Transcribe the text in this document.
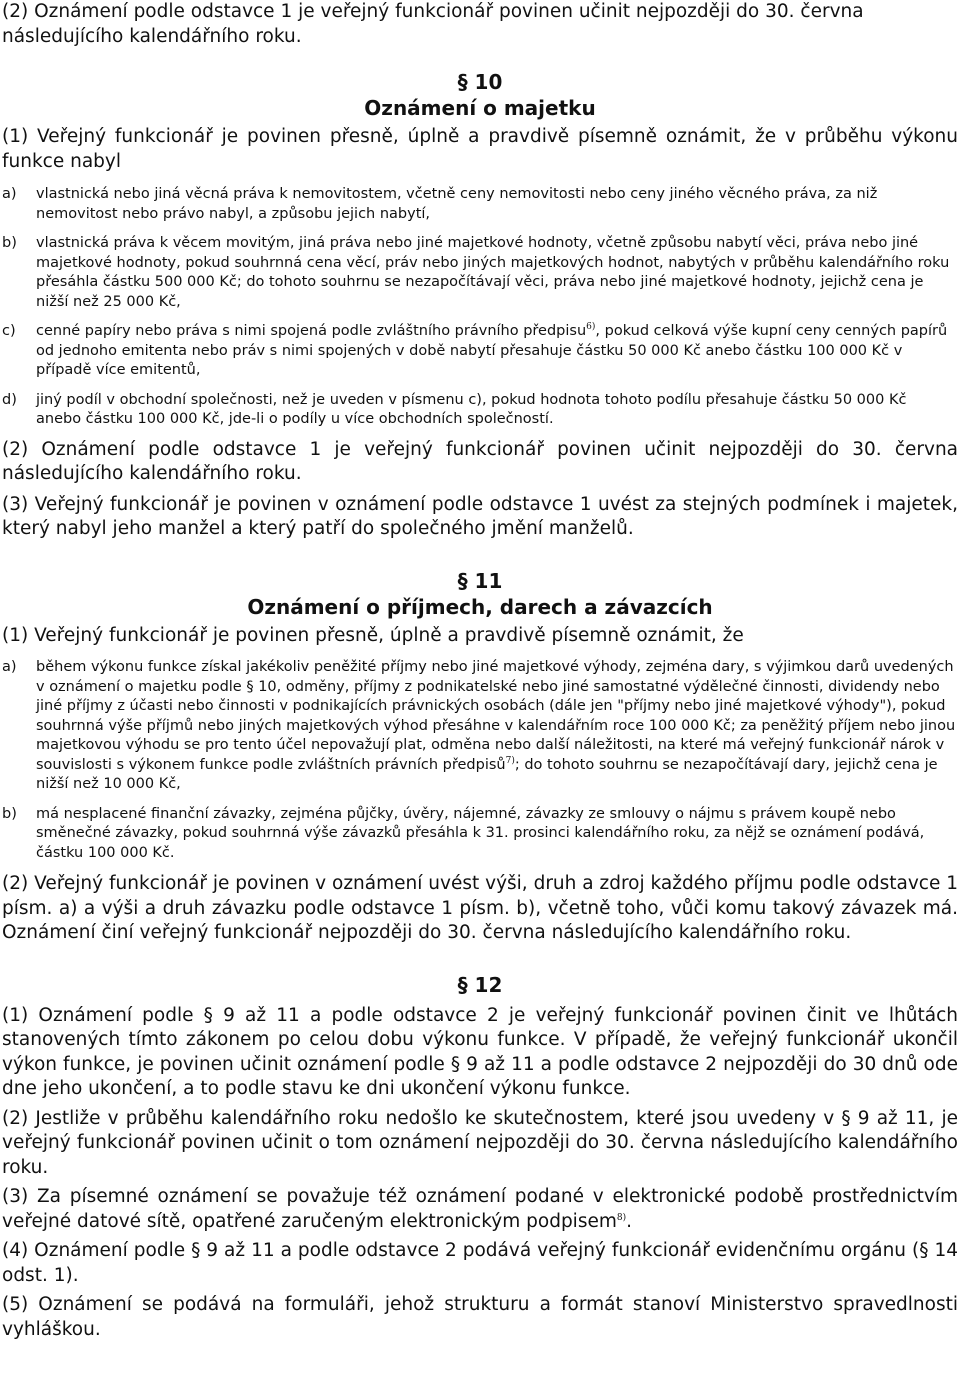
(2) Oznámení podle odstavce 1 je veřejný funkcionář povinen učinit nejpozději do 30. června
následujícího kalendářního roku.

§ 10

Oznámení o majetku

(1) Veřejný funkcionář je povinen přesně, úplně a pravdivě písemně oznámit, že v průběhu výkonu funkce nabyl

a)	vlastnická nebo jiná věcná práva k nemovitostem, včetně ceny nemovitosti nebo ceny jiného věcného práva, za niž nemovitost nebo právo nabyl, a způsobu jejich nabytí,
b)	vlastnická práva k věcem movitým, jiná práva nebo jiné majetkové hodnoty, včetně způsobu nabytí věci, práva nebo jiné majetkové hodnoty, pokud souhrnná cena věcí, práv nebo jiných majetkových hodnot, nabytých v průběhu kalendářního roku přesáhla částku 500 000 Kč; do tohoto souhrnu se nezapočítávají věci, práva nebo jiné majetkové hodnoty, jejichž cena je nižší než 25 000 Kč,
c)	cenné papíry nebo práva s nimi spojená podle zvláštního právního předpisu$^{6)}$, pokud celková výše kupní ceny cenných papírů od jednoho emitenta nebo práv s nimi spojených v době nabytí přesahuje částku 50 000 Kč anebo částku 100 000 Kč v případě více emitentů,
d)	jiný podíl v obchodní společnosti, než je uveden v písmenu c), pokud hodnota tohoto podílu přesahuje částku 50 000 Kč anebo částku 100 000 Kč, jde-li o podíly u více obchodních společností.

(2) Oznámení podle odstavce 1 je veřejný funkcionář povinen učinit nejpozději do 30. června následujícího kalendářního roku.

(3) Veřejný funkcionář je povinen v oznámení podle odstavce 1 uvést za stejných podmínek i majetek, který nabyl jeho manžel a který patří do společného jmění manželů.

§ 11

Oznámení o příjmech, darech a závazcích

(1) Veřejný funkcionář je povinen přesně, úplně a pravdivě písemně oznámit, že

a)	během výkonu funkce získal jakékoliv peněžité příjmy nebo jiné majetkové výhody, zejména dary, s výjimkou darů uvedených v oznámení o majetku podle § 10, odměny, příjmy z podnikatelské nebo jiné samostatné výdělečné činnosti, dividendy nebo jiné příjmy z účasti nebo činnosti v podnikajících právnických osobách (dále jen "příjmy nebo jiné majetkové výhody"), pokud souhrnná výše příjmů nebo jiných majetkových výhod přesáhne v kalendářním roce 100 000 Kč; za peněžitý příjem nebo jinou majetkovou výhodu se pro tento účel nepovažují plat, odměna nebo další náležitosti, na které má veřejný funkcionář nárok v souvislosti s výkonem funkce podle zvláštních právních předpisů$^{7)}$; do tohoto souhrnu se nezapočítávají dary, jejichž cena je nižší než 10 000 Kč,
b)	má nesplacené finanční závazky, zejména půjčky, úvěry, nájemné, závazky ze smlouvy o nájmu s právem koupě nebo směnečné závazky, pokud souhrnná výše závazků přesáhla k 31. prosinci kalendářního roku, za nějž se oznámení podává, částku 100 000 Kč.

(2) Veřejný funkcionář je povinen v oznámení uvést výši, druh a zdroj každého příjmu podle odstavce 1 písm. a) a výši a druh závazku podle odstavce 1 písm. b), včetně toho, vůči komu takový závazek má. Oznámení činí veřejný funkcionář nejpozději do 30. června následujícího kalendářního roku.

§ 12

(1) Oznámení podle § 9 až 11 a podle odstavce 2 je veřejný funkcionář povinen činit ve lhůtách stanovených tímto zákonem po celou dobu výkonu funkce. V případě, že veřejný funkcionář ukončil výkon funkce, je povinen učinit oznámení podle § 9 až 11 a podle odstavce 2 nejpozději do 30 dnů ode dne jeho ukončení, a to podle stavu ke dni ukončení výkonu funkce.

(2) Jestliže v průběhu kalendářního roku nedošlo ke skutečnostem, které jsou uvedeny v § 9 až 11, je veřejný funkcionář povinen učinit o tom oznámení nejpozději do 30. června následujícího kalendářního roku.

(3) Za písemné oznámení se považuje též oznámení podané v elektronické podobě prostřednictvím veřejné datové sítě, opatřené zaručeným elektronickým podpisem$^{8)}$.

(4) Oznámení podle § 9 až 11 a podle odstavce 2 podává veřejný funkcionář evidenčnímu orgánu (§ 14 odst. 1).

(5) Oznámení se podává na formuláři, jehož strukturu a formát stanoví Ministerstvo spravedlnosti vyhláškou.
